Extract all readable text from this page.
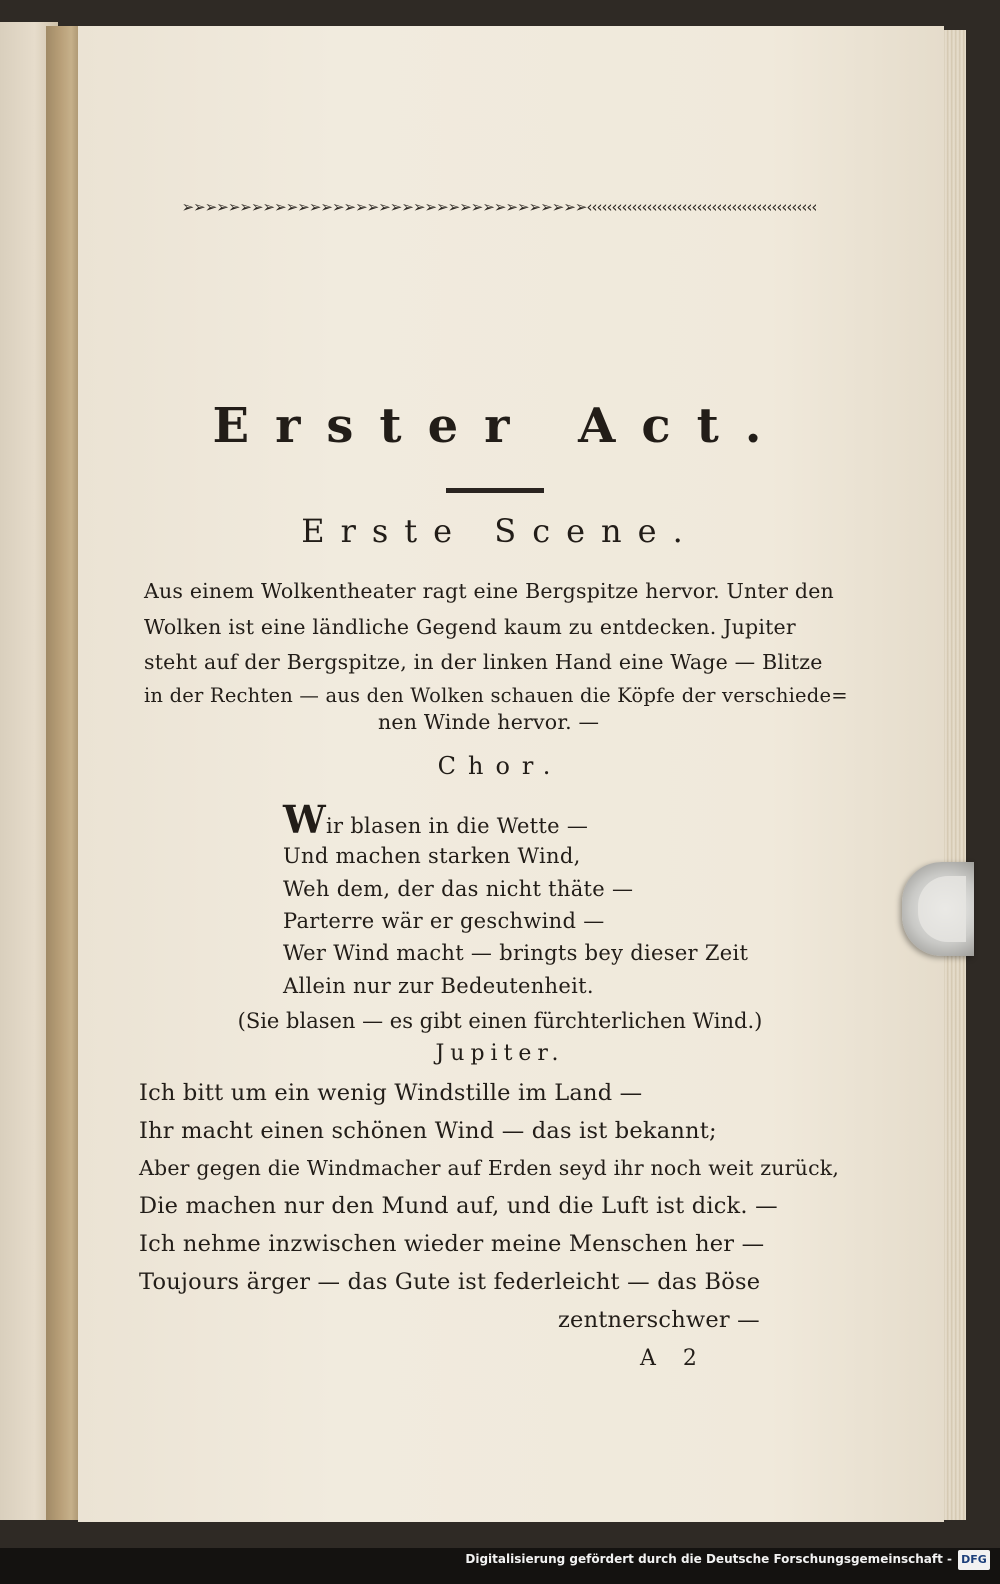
➢➢➢➢➢➢➢➢➢➢➢➢➢➢➢➢➢➢➢➢➢➢➢➢➢➢➢➢➢➢➢➢➢➢➢‹‹‹‹‹‹‹‹‹‹‹‹‹‹‹‹‹‹‹‹‹‹‹‹‹‹‹‹‹‹‹‹‹‹‹‹‹‹‹‹‹‹‹‹‹‹
Erster Act.
Erste Scene.
Aus einem Wolkentheater ragt eine Bergspitze hervor. Unter den
Wolken ist eine ländliche Gegend kaum zu entdecken. Jupiter
steht auf der Bergspitze, in der linken Hand eine Wage — Blitze
in der Rechten — aus den Wolken schauen die Köpfe der verschiede=
nen Winde hervor. —
Chor.
Wir blasen in die Wette —
Und machen starken Wind,
Weh dem, der das nicht thäte —
Parterre wär er geschwind —
Wer Wind macht — bringts bey dieser Zeit
Allein nur zur Bedeutenheit.
(Sie blasen — es gibt einen fürchterlichen Wind.)
Jupiter.
Ich bitt um ein wenig Windstille im Land —
Ihr macht einen schönen Wind — das ist bekannt;
Aber gegen die Windmacher auf Erden seyd ihr noch weit zurück,
Die machen nur den Mund auf, und die Luft ist dick. —
Ich nehme inzwischen wieder meine Menschen her —
Toujours ärger — das Gute ist federleicht — das Böse
zentnerschwer —
A 2
Digitalisierung gefördert durch die Deutsche Forschungsgemeinschaft - DFG
